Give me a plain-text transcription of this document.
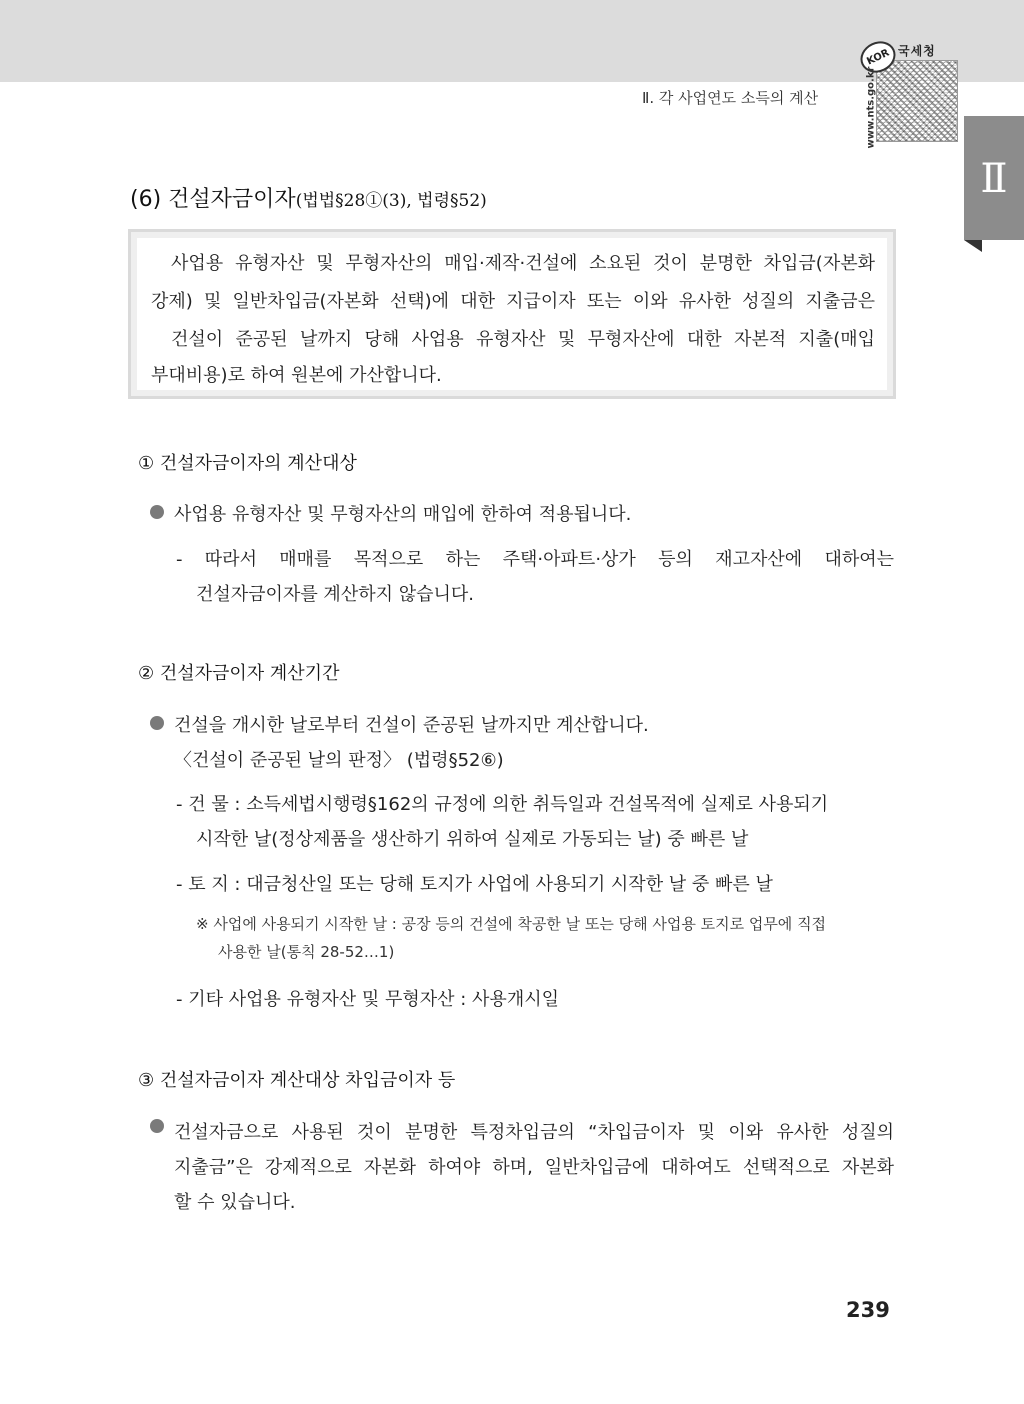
KOR 국세청
www.nts.go.kr
Ⅱ. 각 사업연도 소득의 계산
Ⅱ
(6) 건설자금이자(법법§28①(3), 법령§52)
사업용 유형자산 및 무형자산의 매입·제작·건설에 소요된 것이 분명한 차입금(자본화
강제) 및 일반차입금(자본화 선택)에 대한 지급이자 또는 이와 유사한 성질의 지출금은
건설이 준공된 날까지 당해 사업용 유형자산 및 무형자산에 대한 자본적 지출(매입
부대비용)로 하여 원본에 가산합니다.
① 건설자금이자의 계산대상
사업용 유형자산 및 무형자산의 매입에 한하여 적용됩니다.
- 따라서 매매를 목적으로 하는 주택·아파트·상가 등의 재고자산에 대하여는
건설자금이자를 계산하지 않습니다.
② 건설자금이자 계산기간
건설을 개시한 날로부터 건설이 준공된 날까지만 계산합니다.
〈건설이 준공된 날의 판정〉 (법령§52⑥)
- 건 물 : 소득세법시행령§162의 규정에 의한 취득일과 건설목적에 실제로 사용되기
시작한 날(정상제품을 생산하기 위하여 실제로 가동되는 날) 중 빠른 날
- 토 지 : 대금청산일 또는 당해 토지가 사업에 사용되기 시작한 날 중 빠른 날
※ 사업에 사용되기 시작한 날 : 공장 등의 건설에 착공한 날 또는 당해 사업용 토지로 업무에 직접
사용한 날(통칙 28-52…1)
- 기타 사업용 유형자산 및 무형자산 : 사용개시일
③ 건설자금이자 계산대상 차입금이자 등
건설자금으로 사용된 것이 분명한 특정차입금의 “차입금이자 및 이와 유사한 성질의
지출금”은 강제적으로 자본화 하여야 하며, 일반차입금에 대하여도 선택적으로 자본화
할 수 있습니다.
239
